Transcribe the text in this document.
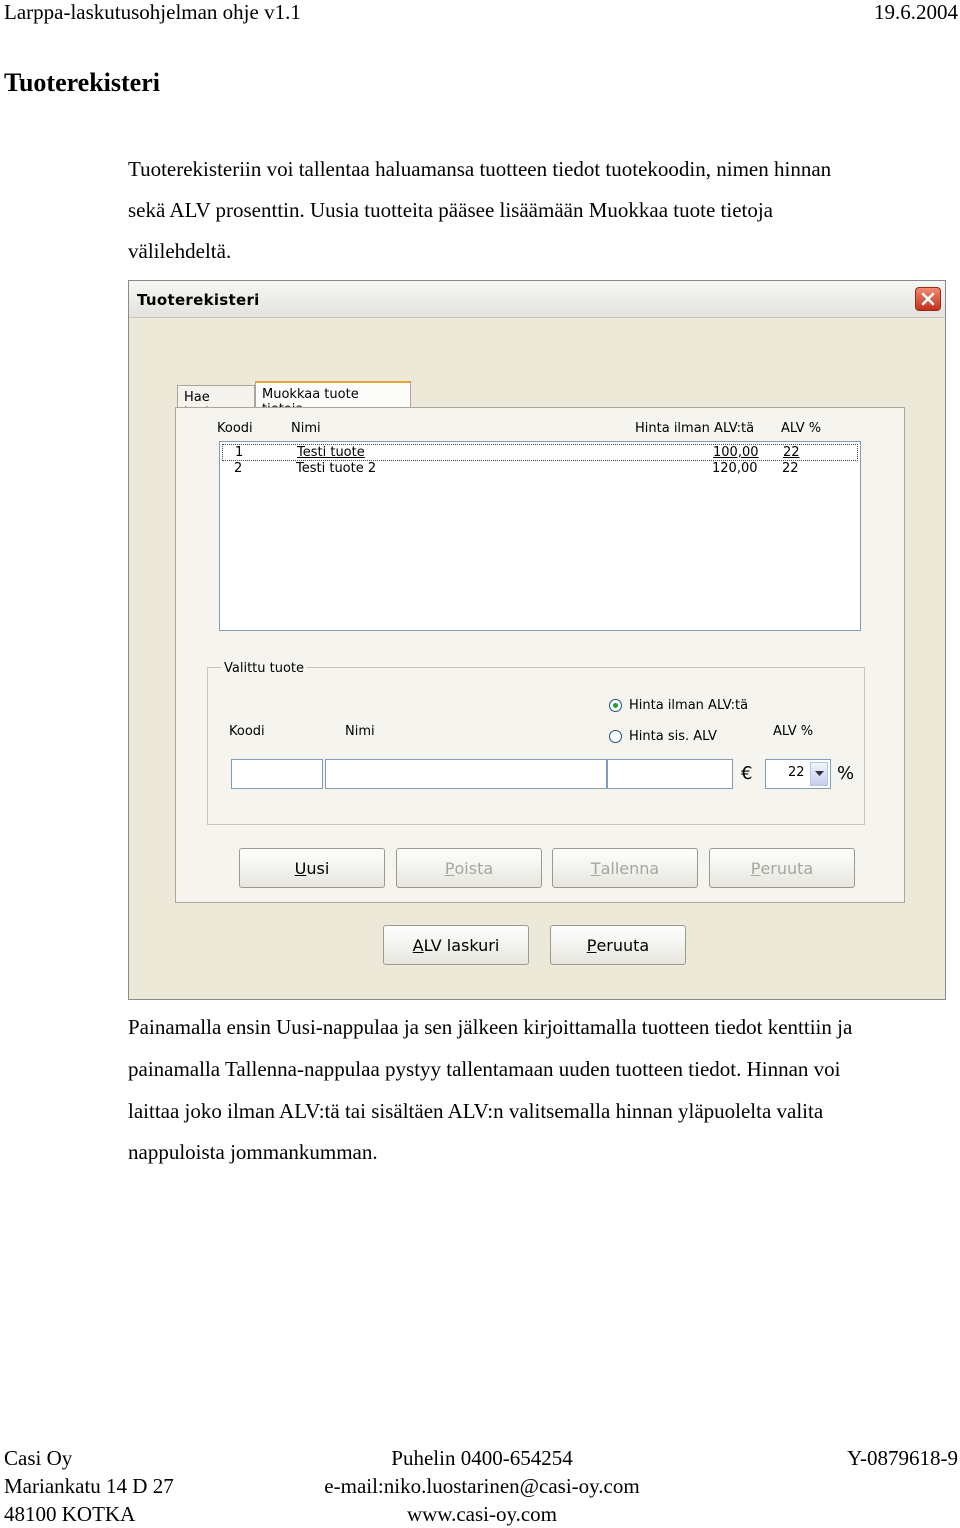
Larppa-laskutusohjelman ohje v1.1	19.6.2004
Tuoterekisteri
Tuoterekisteriin voi tallentaa haluamansa tuotteen tiedot tuotekoodin, nimen hinnan
sekä ALV prosenttin. Uusia tuotteita pääsee lisäämään Muokkaa tuote tietoja
välilehdeltä.
Tuoterekisteri
Hae	Muokkaa tuote
Koodi	Nimi	Hinta ilman ALV:tä ALV %
1	Testi tuote	100,00 22
2	Testi tuote 2	120,00 22
Valittu tuote
Hinta ilman ALV:tä
Hinta sis. ALV
Koodi	Nimi	ALV %
€	22 %
U usi	P oista	T allenna	P eruuta
A LV laskuri	P eruuta
Painamalla ensin Uusi-nappulaa ja sen jälkeen kirjoittamalla tuotteen tiedot kenttiin ja
painamalla Tallenna-nappulaa pystyy tallentamaan uuden tuotteen tiedot. Hinnan voi
laittaa joko ilman ALV:tä tai sisältäen ALV:n valitsemalla hinnan yläpuolelta valita
nappuloista jommankumman.
Casi Oy
Mariankatu 14 D 27
48100 KOTKA
Puhelin 0400-654254
e-mail:niko.luostarinen@casi-oy.com
www.casi-oy.com
Y-0879618-9
